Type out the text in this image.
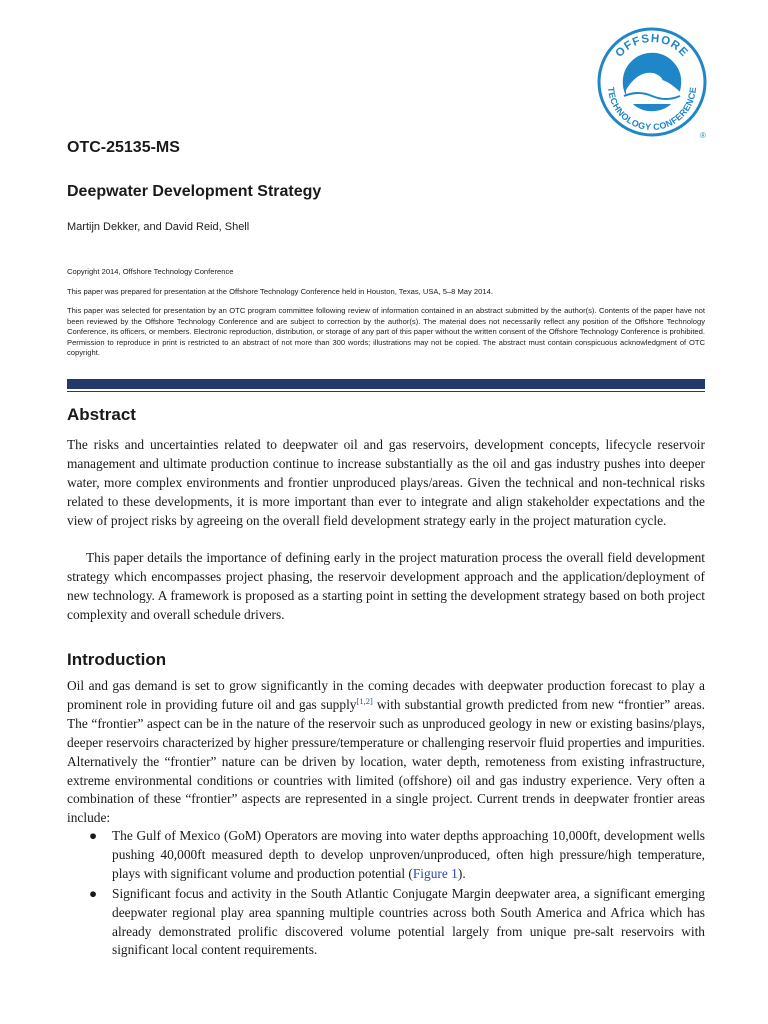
OFFSHORE
TECHNOLOGY CONFERENCE
®
OTC-25135-MS
Deepwater Development Strategy
Martijn Dekker, and David Reid, Shell
Copyright 2014, Offshore Technology Conference
This paper was prepared for presentation at the Offshore Technology Conference held in Houston, Texas, USA, 5–8 May 2014.
This paper was selected for presentation by an OTC program committee following review of information contained in an abstract submitted by the author(s). Contents of the paper have not been reviewed by the Offshore Technology Conference and are subject to correction by the author(s). The material does not necessarily reflect any position of the Offshore Technology Conference, its officers, or members. Electronic reproduction, distribution, or storage of any part of this paper without the written consent of the Offshore Technology Conference is prohibited. Permission to reproduce in print is restricted to an abstract of not more than 300 words; illustrations may not be copied. The abstract must contain conspicuous acknowledgment of OTC copyright.
Abstract
The risks and uncertainties related to deepwater oil and gas reservoirs, development concepts, lifecycle reservoir management and ultimate production continue to increase substantially as the oil and gas industry pushes into deeper water, more complex environments and frontier unproduced plays/areas. Given the technical and non-technical risks related to these developments, it is more important than ever to integrate and align stakeholder expectations and the view of project risks by agreeing on the overall field development strategy early in the project maturation cycle.
This paper details the importance of defining early in the project maturation process the overall field development strategy which encompasses project phasing, the reservoir development approach and the application/deployment of new technology. A framework is proposed as a starting point in setting the development strategy based on both project complexity and overall schedule drivers.
Introduction
Oil and gas demand is set to grow significantly in the coming decades with deepwater production forecast to play a prominent role in providing future oil and gas supply[1,2] with substantial growth predicted from new “frontier” areas. The “frontier” aspect can be in the nature of the reservoir such as unproduced geology in new or existing basins/plays, deeper reservoirs characterized by higher pressure/temperature or challenging reservoir fluid properties and impurities. Alternatively the “frontier” nature can be driven by location, water depth, remoteness from existing infrastructure, extreme environmental conditions or countries with limited (offshore) oil and gas industry experience. Very often a combination of these “frontier” aspects are represented in a single project. Current trends in deepwater frontier areas include:
● The Gulf of Mexico (GoM) Operators are moving into water depths approaching 10,000ft, development wells pushing 40,000ft measured depth to develop unproven/unproduced, often high pressure/high temperature, plays with significant volume and production potential (Figure 1).
● Significant focus and activity in the South Atlantic Conjugate Margin deepwater area, a significant emerging deepwater regional play area spanning multiple countries across both South America and Africa which has already demonstrated prolific discovered volume potential largely from unique pre-salt reservoirs with significant local content requirements.
